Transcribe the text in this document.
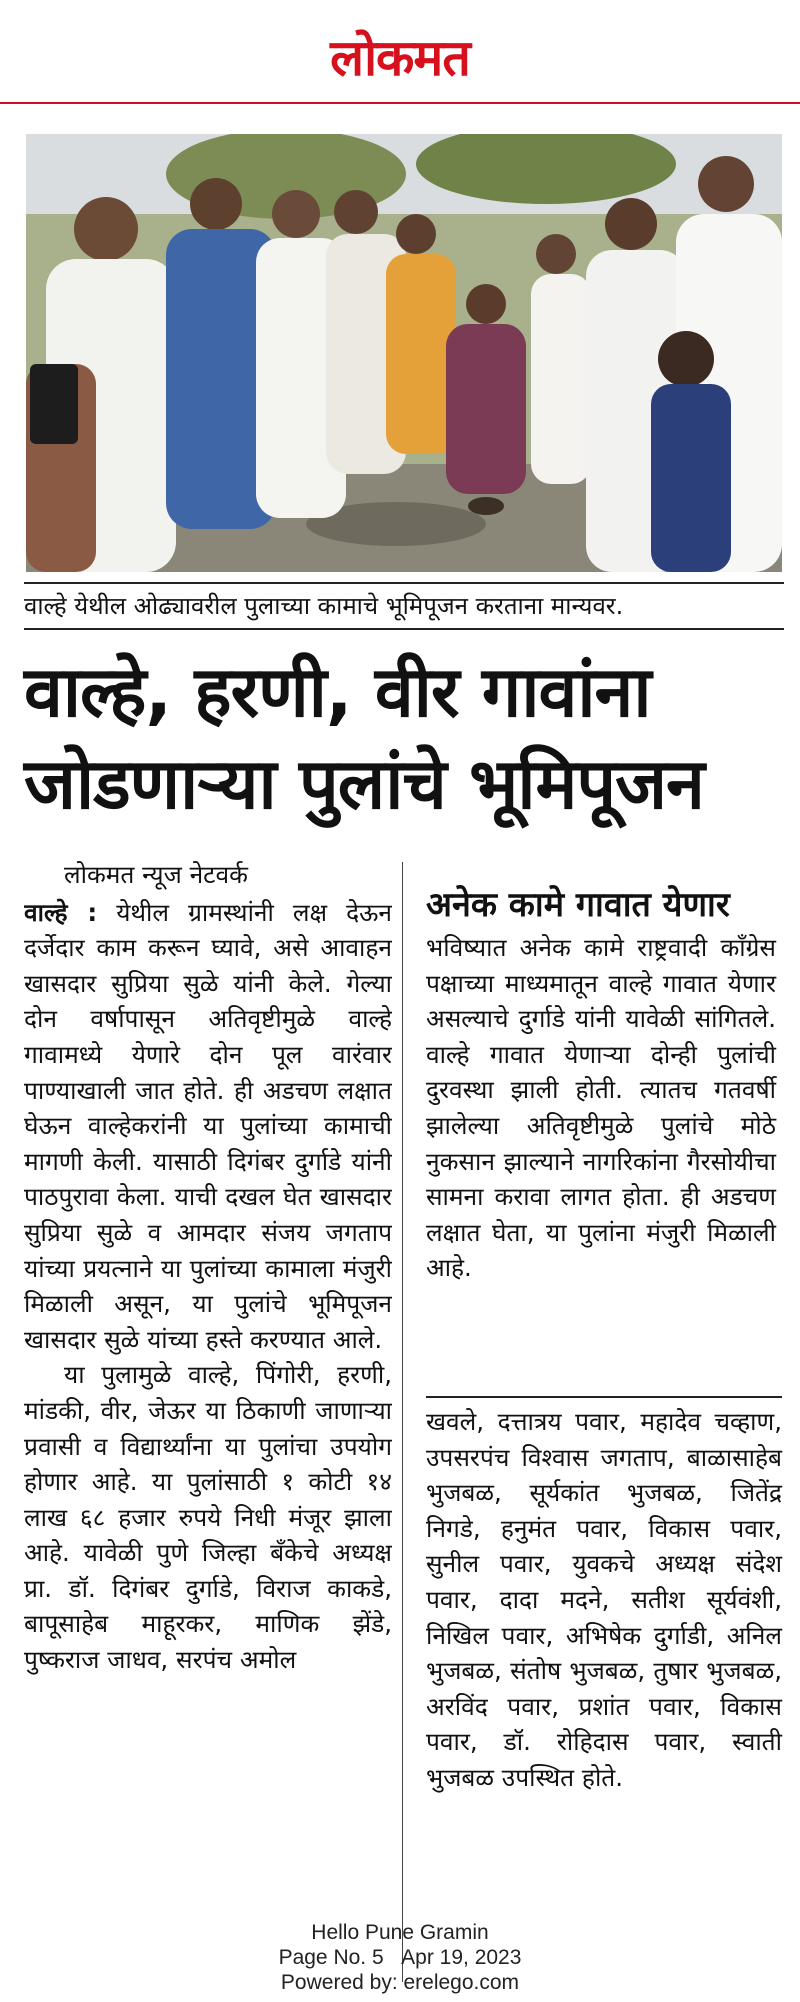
लोकमत
वाल्हे येथील ओढ्यावरील पुलाच्या कामाचे भूमिपूजन करताना मान्यवर.
वाल्हे, हरणी, वीर गावांना
जोडणाऱ्या पुलांचे भूमिपूजन

लोकमत न्यूज नेटवर्क

वाल्हे : येथील ग्रामस्थांनी लक्ष देऊन दर्जेदार काम करून घ्यावे, असे आवाहन खासदार सुप्रिया सुळे यांनी केले. गेल्या दोन वर्षापासून अतिवृष्टीमुळे वाल्हे गावामध्ये येणारे दोन पूल वारंवार पाण्याखाली जात होते. ही अडचण लक्षात घेऊन वाल्हेकरांनी या पुलांच्या कामाची मागणी केली. यासाठी दिगंबर दुर्गाडे यांनी पाठपुरावा केला. याची दखल घेत खासदार सुप्रिया सुळे व आमदार संजय जगताप यांच्या प्रयत्नाने या पुलांच्या कामाला मंजुरी मिळाली असून, या पुलांचे भूमिपूजन खासदार सुळे यांच्या हस्ते करण्यात आले.

या पुलामुळे वाल्हे, पिंगोरी, हरणी, मांडकी, वीर, जेऊर या ठिकाणी जाणाऱ्या प्रवासी व विद्यार्थ्यांना या पुलांचा उपयोग होणार आहे. या पुलांसाठी १ कोटी १४ लाख ६८ हजार रुपये निधी मंजूर झाला आहे. यावेळी पुणे जिल्हा बँकेचे अध्यक्ष प्रा. डॉ. दिगंबर दुर्गाडे, विराज काकडे, बापूसाहेब माहूरकर, माणिक झेंडे, पुष्कराज जाधव, सरपंच अमोल

अनेक कामे गावात येणार

भविष्यात अनेक कामे राष्ट्रवादी काँग्रेस पक्षाच्या माध्यमातून वाल्हे गावात येणार असल्याचे दुर्गाडे यांनी यावेळी सांगितले. वाल्हे गावात येणाऱ्या दोन्ही पुलांची दुरवस्था झाली होती. त्यातच गतवर्षी झालेल्या अतिवृष्टीमुळे पुलांचे मोठे नुकसान झाल्याने नागरिकांना गैरसोयीचा सामना करावा लागत होता. ही अडचण लक्षात घेता, या पुलांना मंजुरी मिळाली आहे.

खवले, दत्तात्रय पवार, महादेव चव्हाण, उपसरपंच विश्वास जगताप, बाळासाहेब भुजबळ, सूर्यकांत भुजबळ, जितेंद्र निगडे, हनुमंत पवार, विकास पवार, सुनील पवार, युवकचे अध्यक्ष संदेश पवार, दादा मदने, सतीश सूर्यवंशी, निखिल पवार, अभिषेक दुर्गाडी, अनिल भुजबळ, संतोष भुजबळ, तुषार भुजबळ, अरविंद पवार, प्रशांत पवार, विकास पवार, डॉ. रोहिदास पवार, स्वाती भुजबळ उपस्थित होते.

Hello Pune Gramin
Page No. 5 Apr 19, 2023
Powered by: erelego.com
